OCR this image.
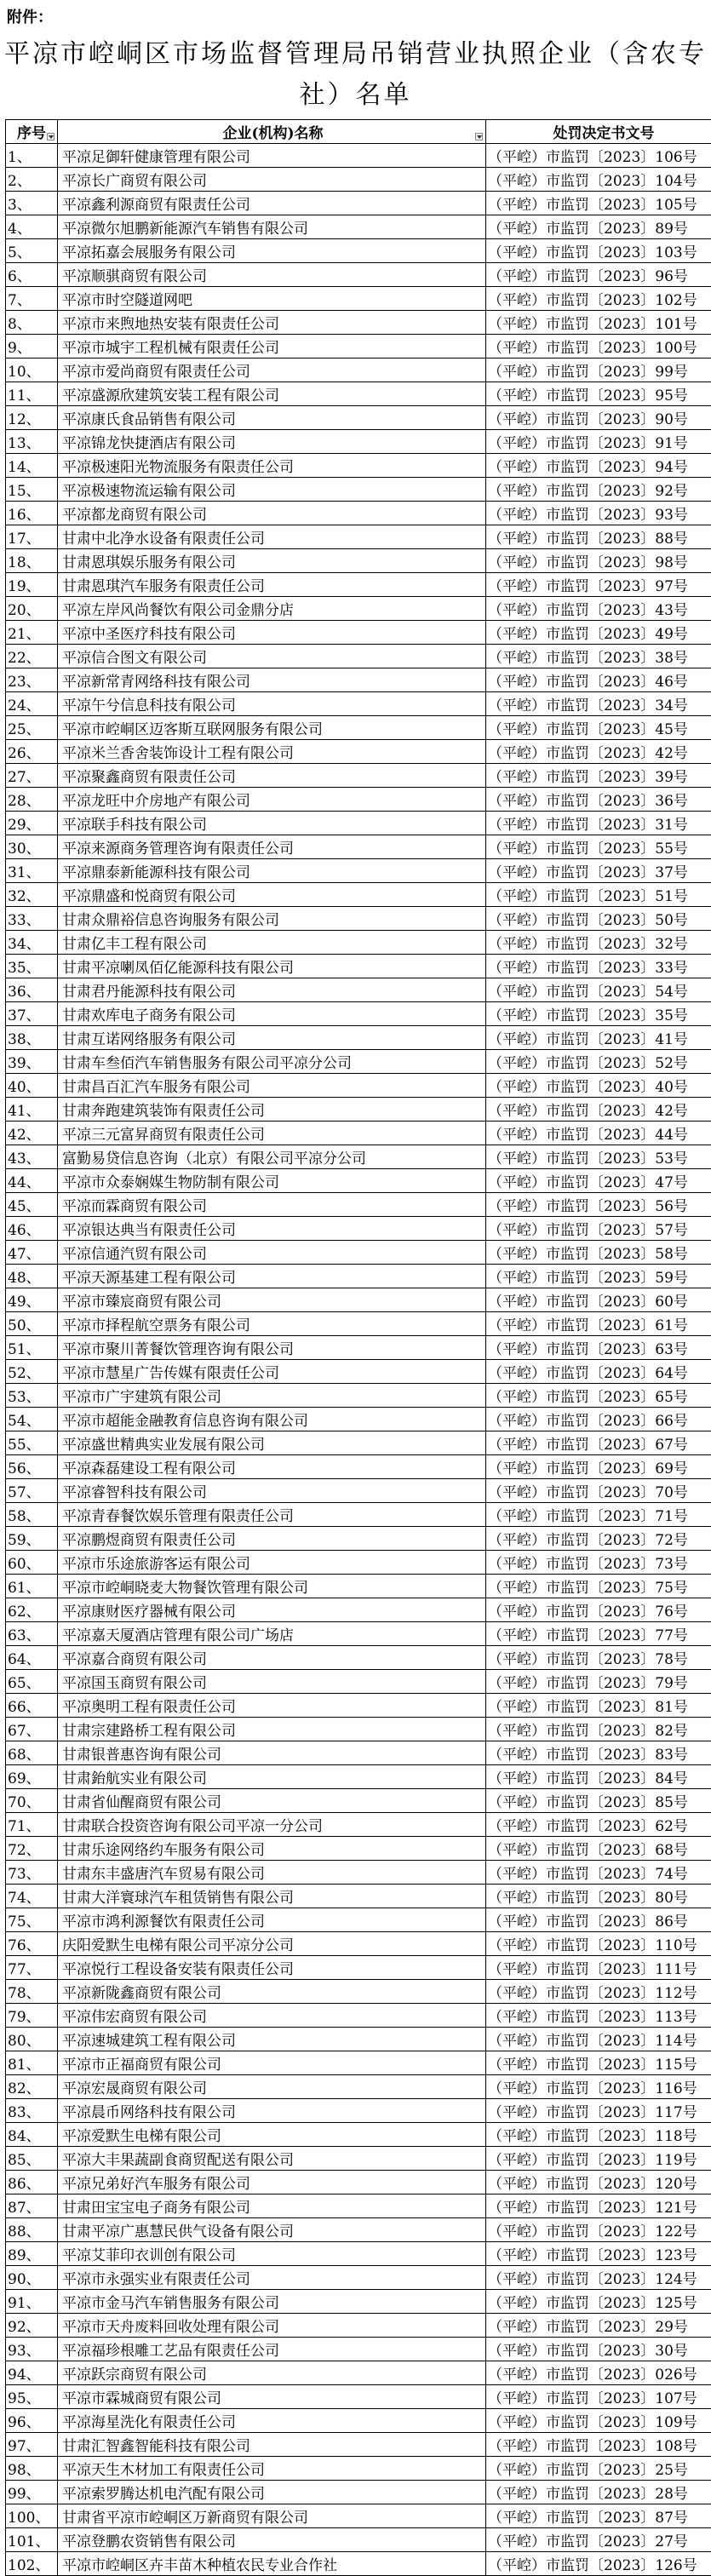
附件：
平凉市崆峒区市场监督管理局吊销营业执照企业（含农专社）名单
序号	企业(机构)名称	处罚决定书文号

1、	平凉足御轩健康管理有限公司	（平崆）市监罚〔2023〕106号
2、	平凉长广商贸有限公司	（平崆）市监罚〔2023〕104号
3、	平凉鑫利源商贸有限责任公司	（平崆）市监罚〔2023〕105号
4、	平凉微尔旭鹏新能源汽车销售有限公司	（平崆）市监罚〔2023〕89号
5、	平凉拓嘉会展服务有限公司	（平崆）市监罚〔2023〕103号
6、	平凉顺骐商贸有限公司	（平崆）市监罚〔2023〕96号
7、	平凉市时空隧道网吧	（平崆）市监罚〔2023〕102号
8、	平凉市来煦地热安装有限责任公司	（平崆）市监罚〔2023〕101号
9、	平凉市城宇工程机械有限责任公司	（平崆）市监罚〔2023〕100号
10、	平凉市爱尚商贸有限责任公司	（平崆）市监罚〔2023〕99号
11、	平凉盛源欣建筑安装工程有限公司	（平崆）市监罚〔2023〕95号
12、	平凉康氏食品销售有限公司	（平崆）市监罚〔2023〕90号
13、	平凉锦龙快捷酒店有限公司	（平崆）市监罚〔2023〕91号
14、	平凉极速阳光物流服务有限责任公司	（平崆）市监罚〔2023〕94号
15、	平凉极速物流运输有限公司	（平崆）市监罚〔2023〕92号
16、	平凉都龙商贸有限公司	（平崆）市监罚〔2023〕93号
17、	甘肃中北净水设备有限责任公司	（平崆）市监罚〔2023〕88号
18、	甘肃恩琪娱乐服务有限公司	（平崆）市监罚〔2023〕98号
19、	甘肃恩琪汽车服务有限责任公司	（平崆）市监罚〔2023〕97号
20、	平凉左岸风尚餐饮有限公司金鼎分店	（平崆）市监罚〔2023〕43号
21、	平凉中圣医疗科技有限公司	（平崆）市监罚〔2023〕49号
22、	平凉信合图文有限公司	（平崆）市监罚〔2023〕38号
23、	平凉新常青网络科技有限公司	（平崆）市监罚〔2023〕46号
24、	平凉午兮信息科技有限公司	（平崆）市监罚〔2023〕34号
25、	平凉市崆峒区迈客斯互联网服务有限公司	（平崆）市监罚〔2023〕45号
26、	平凉米兰香舍装饰设计工程有限公司	（平崆）市监罚〔2023〕42号
27、	平凉聚鑫商贸有限责任公司	（平崆）市监罚〔2023〕39号
28、	平凉龙旺中介房地产有限公司	（平崆）市监罚〔2023〕36号
29、	平凉联手科技有限公司	（平崆）市监罚〔2023〕31号
30、	平凉来源商务管理咨询有限责任公司	（平崆）市监罚〔2023〕55号
31、	平凉鼎泰新能源科技有限公司	（平崆）市监罚〔2023〕37号
32、	平凉鼎盛和悦商贸有限公司	（平崆）市监罚〔2023〕51号
33、	甘肃众鼎裕信息咨询服务有限公司	（平崆）市监罚〔2023〕50号
34、	甘肃亿丰工程有限公司	（平崆）市监罚〔2023〕32号
35、	甘肃平凉喇凤佰亿能源科技有限公司	（平崆）市监罚〔2023〕33号
36、	甘肃君丹能源科技有限公司	（平崆）市监罚〔2023〕54号
37、	甘肃欢库电子商务有限公司	（平崆）市监罚〔2023〕35号
38、	甘肃互诺网络服务有限公司	（平崆）市监罚〔2023〕41号
39、	甘肃车叁佰汽车销售服务有限公司平凉分公司	（平崆）市监罚〔2023〕52号
40、	甘肃昌百汇汽车服务有限公司	（平崆）市监罚〔2023〕40号
41、	甘肃奔跑建筑装饰有限责任公司	（平崆）市监罚〔2023〕42号
42、	平凉三元富昇商贸有限责任公司	（平崆）市监罚〔2023〕44号
43、	富勤易贷信息咨询（北京）有限公司平凉分公司	（平崆）市监罚〔2023〕53号
44、	平凉市众泰娴媒生物防制有限公司	（平崆）市监罚〔2023〕47号
45、	平凉而霖商贸有限公司	（平崆）市监罚〔2023〕56号
46、	平凉银达典当有限责任公司	（平崆）市监罚〔2023〕57号
47、	平凉信通汽贸有限公司	（平崆）市监罚〔2023〕58号
48、	平凉天源基建工程有限公司	（平崆）市监罚〔2023〕59号
49、	平凉市臻宸商贸有限公司	（平崆）市监罚〔2023〕60号
50、	平凉市择程航空票务有限公司	（平崆）市监罚〔2023〕61号
51、	平凉市聚川菁餐饮管理咨询有限公司	（平崆）市监罚〔2023〕63号
52、	平凉市慧星广告传媒有限责任公司	（平崆）市监罚〔2023〕64号
53、	平凉市广宇建筑有限公司	（平崆）市监罚〔2023〕65号
54、	平凉市超能金融教育信息咨询有限公司	（平崆）市监罚〔2023〕66号
55、	平凉盛世精典实业发展有限公司	（平崆）市监罚〔2023〕67号
56、	平凉森磊建设工程有限公司	（平崆）市监罚〔2023〕69号
57、	平凉睿智科技有限公司	（平崆）市监罚〔2023〕70号
58、	平凉青春餐饮娱乐管理有限责任公司	（平崆）市监罚〔2023〕71号
59、	平凉鹏煜商贸有限责任公司	（平崆）市监罚〔2023〕72号
60、	平凉市乐途旅游客运有限公司	（平崆）市监罚〔2023〕73号
61、	平凉市崆峒晓麦大物餐饮管理有限公司	（平崆）市监罚〔2023〕75号
62、	平凉康财医疗器械有限公司	（平崆）市监罚〔2023〕76号
63、	平凉嘉天厦酒店管理有限公司广场店	（平崆）市监罚〔2023〕77号
64、	平凉嘉合商贸有限公司	（平崆）市监罚〔2023〕78号
65、	平凉国玉商贸有限公司	（平崆）市监罚〔2023〕79号
66、	平凉奥明工程有限责任公司	（平崆）市监罚〔2023〕81号
67、	甘肃宗建路桥工程有限公司	（平崆）市监罚〔2023〕82号
68、	甘肃银普惠咨询有限公司	（平崆）市监罚〔2023〕83号
69、	甘肃鈶航实业有限公司	（平崆）市监罚〔2023〕84号
70、	甘肃省仙醒商贸有限公司	（平崆）市监罚〔2023〕85号
71、	甘肃联合投资咨询有限公司平凉一分公司	（平崆）市监罚〔2023〕62号
72、	甘肃乐途网络约车服务有限公司	（平崆）市监罚〔2023〕68号
73、	甘肃东丰盛唐汽车贸易有限公司	（平崆）市监罚〔2023〕74号
74、	甘肃大洋寰球汽车租赁销售有限公司	（平崆）市监罚〔2023〕80号
75、	平凉市鸿利源餐饮有限责任公司	（平崆）市监罚〔2023〕86号
76、	庆阳爱默生电梯有限公司平凉分公司	（平崆）市监罚〔2023〕110号
77、	平凉悦行工程设备安装有限责任公司	（平崆）市监罚〔2023〕111号
78、	平凉新陇鑫商贸有限公司	（平崆）市监罚〔2023〕112号
79、	平凉伟宏商贸有限公司	（平崆）市监罚〔2023〕113号
80、	平凉速城建筑工程有限公司	（平崆）市监罚〔2023〕114号
81、	平凉市正福商贸有限公司	（平崆）市监罚〔2023〕115号
82、	平凉宏晟商贸有限公司	（平崆）市监罚〔2023〕116号
83、	平凉晨币网络科技有限公司	（平崆）市监罚〔2023〕117号
84、	平凉爱默生电梯有限公司	（平崆）市监罚〔2023〕118号
85、	平凉大丰果蔬副食商贸配送有限公司	（平崆）市监罚〔2023〕119号
86、	平凉兄弟好汽车服务有限公司	（平崆）市监罚〔2023〕120号
87、	甘肃田宝宝电子商务有限公司	（平崆）市监罚〔2023〕121号
88、	甘肃平凉广惠慧民供气设备有限公司	（平崆）市监罚〔2023〕122号
89、	平凉艾菲印衣训创有限公司	（平崆）市监罚〔2023〕123号
90、	平凉市永强实业有限责任公司	（平崆）市监罚〔2023〕124号
91、	平凉市金马汽车销售服务有限公司	（平崆）市监罚〔2023〕125号
92、	平凉市天舟废料回收处理有限公司	（平崆）市监罚〔2023〕29号
93、	平凉福珍根雕工艺品有限责任公司	（平崆）市监罚〔2023〕30号
94、	平凉跃宗商贸有限公司	（平崆）市监罚〔2023〕026号
95、	平凉市霖城商贸有限公司	（平崆）市监罚〔2023〕107号
96、	平凉海星洗化有限责任公司	（平崆）市监罚〔2023〕109号
97、	甘肃汇智鑫智能科技有限公司	（平崆）市监罚〔2023〕108号
98、	平凉天生木材加工有限责任公司	（平崆）市监罚〔2023〕25号
99、	平凉索罗腾达机电汽配有限公司	（平崆）市监罚〔2023〕28号
100、	甘肃省平凉市崆峒区万新商贸有限公司	（平崆）市监罚〔2023〕87号
101、	平凉登鹏农资销售有限公司	（平崆）市监罚〔2023〕27号
102、	平凉市崆峒区卉丰苗木种植农民专业合作社	（平崆）市监罚〔2023〕126号
